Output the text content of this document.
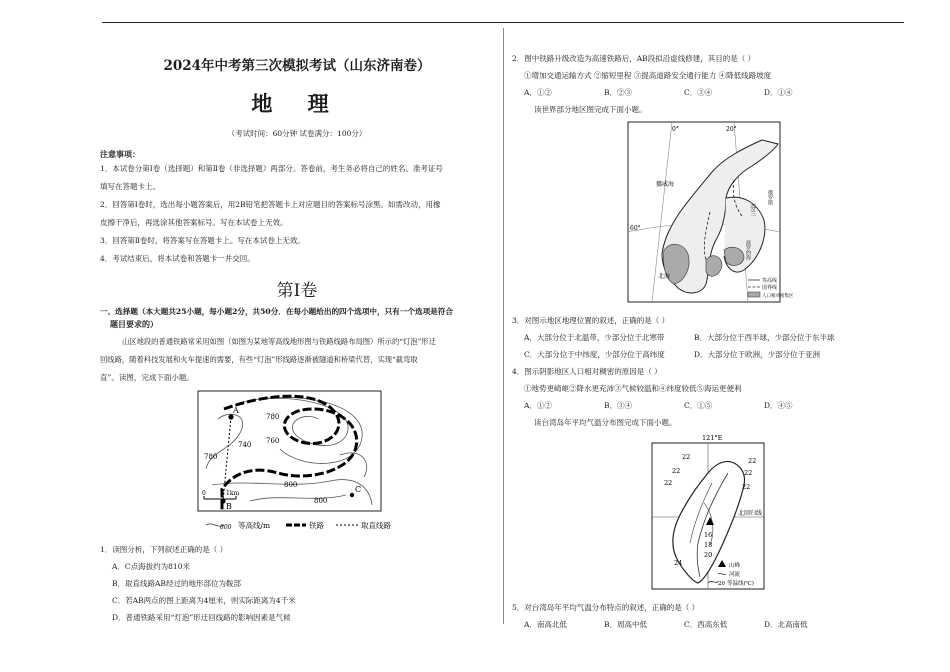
2024年中考第三次模拟考试（山东济南卷）
地 理
（考试时间：60分钟 试卷满分：100分）
注意事项：
1．本试卷分第Ⅰ卷（选择题）和第Ⅱ卷（非选择题）两部分。答卷前，考生务必将自己的姓名、准考证号
填写在答题卡上。
2．回答第Ⅰ卷时，选出每小题答案后，用2B铅笔把答题卡上对应题目的答案标号涂黑。如需改动，用橡
皮擦干净后，再选涂其他答案标号。写在本试卷上无效。
3．回答第Ⅱ卷时，将答案写在答题卡上。写在本试卷上无效。
4．考试结束后，将本试卷和答题卡一并交回。
第Ⅰ卷
一、选择题（本大题共25小题，每小题2分，共50分．在每小题给出的四个选项中，只有一个选项是符合
题目要求的）
山区地段的普通铁路常采用如图（如图为某地等高线地形图与铁路线路布局图）所示的“灯泡”形迂
回线路，随着科技发展和火车提速的需要，有些“灯泡”形线路逐渐被隧道和桥梁代替，实现“截弯取
直”。读图，完成下面小题。
780
760
740
780
800
800
A
B
C
0	1km
800 等高线/m	铁路	取直线路
1．读图分析，下列叙述正确的是（ ）
A．C点海拔约为810米
B．取直线路AB经过的地形部位为鞍部
C．若AB两点的图上距离为4厘米，则实际距离为4千米
D．普通铁路采用“灯泡”形迂回线路的影响因素是气候
2．图中铁路升级改造为高速铁路后，AB段拟沿虚线修建，其目的是（ ）
①增加交通运输方式 ②缩短里程 ③提高道路安全通行能力 ④降低线路坡度
A．①②	B．②③	C．③④	D．①④
读世界部分地区图完成下面小题。
0°	20°
60°
挪威海
波罗的海
北海
芬兰
俄罗斯
等高线
国界线
人口相对密集区
3．对图示地区地理位置的叙述，正确的是（ ）
A．大部分位于北温带，少部分位于北寒带	B．大部分位于西半球，少部分位于东半球
C．大部分位于中纬度，少部分位于高纬度	D．大部分位于欧洲，少部分位于亚洲
4．图示阴影地区人口相对稠密的原因是（ ）
①地势更崎岖②降水更充沛③气候较温和④纬度较低⑤海运更便利
A．①②	B．③④	C．①⑤	D．④⑤
读台湾岛年平均气温分布图完成下面小题。
121°E
北回归线
22	22
22	22
22	22
16
18
20
24	山峰
河流
20 等温线(℃)
5．对台湾岛年平均气温分布特点的叙述，正确的是（ ）
A．南高北低	B．周高中低	C．西高东低	D．北高南低
